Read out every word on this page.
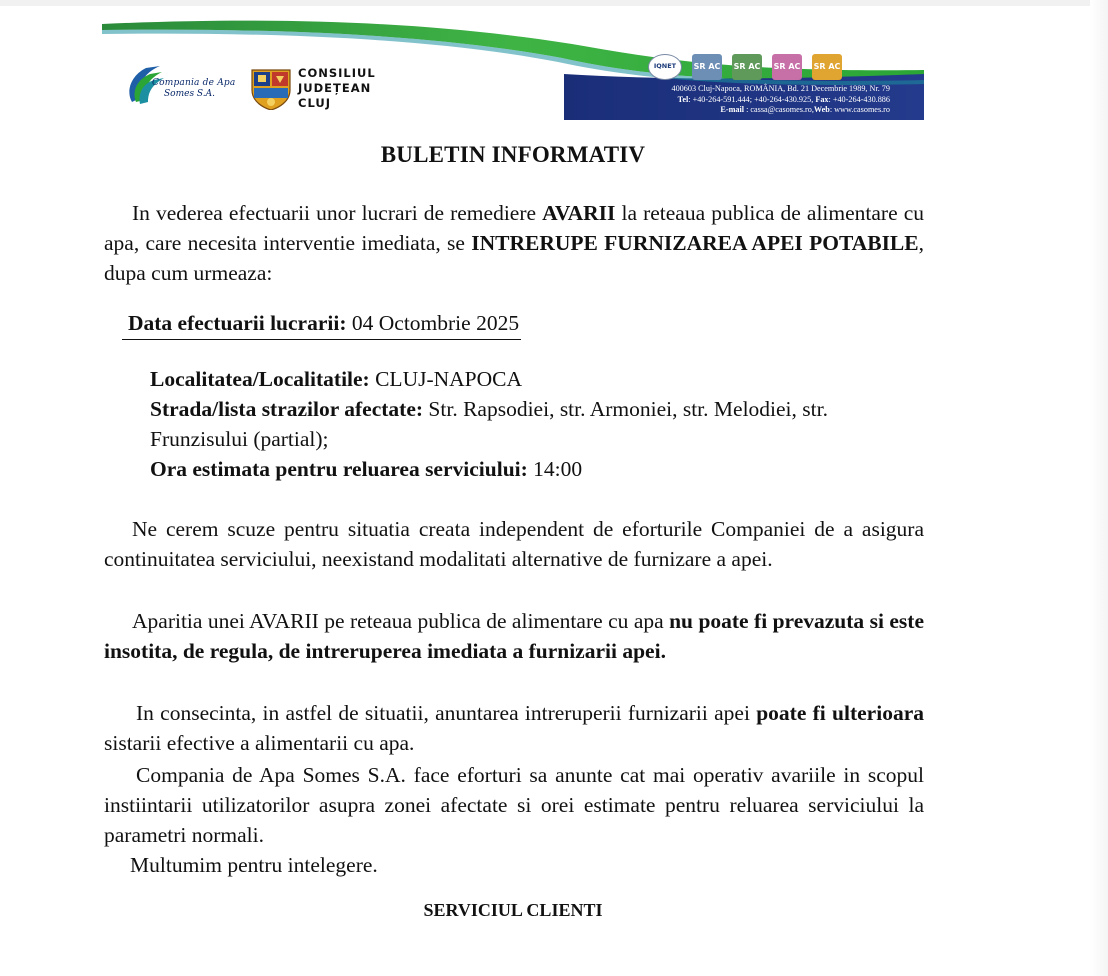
Compania de Apa
Somes S.A.
CONSILIUL
JUDEȚEAN
CLUJ
IQNET	SR AC SR AC SR AC SR AC
400603 Cluj-Napoca, ROMÂNIA, Bd. 21 Decembrie 1989, Nr. 79
Tel: +40-264-591.444; +40-264-430.925, Fax: +40-264-430.886
E-mail : cassa@casomes.ro,Web: www.casomes.ro
BULETIN INFORMATIV
In vederea efectuarii unor lucrari de remediere AVARII la reteaua publica de alimentare cu apa, care necesita interventie imediata, se INTRERUPE FURNIZAREA APEI POTABILE, dupa cum urmeaza:
Data efectuarii lucrarii: 04 Octombrie 2025
Localitatea/Localitatile: CLUJ-NAPOCA
Strada/lista strazilor afectate: Str. Rapsodiei, str. Armoniei, str. Melodiei, str. Frunzisului (partial);
Ora estimata pentru reluarea serviciului: 14:00
Ne cerem scuze pentru situatia creata independent de eforturile Companiei de a asigura continuitatea serviciului, neexistand modalitati alternative de furnizare a apei.
Aparitia unei AVARII pe reteaua publica de alimentare cu apa nu poate fi prevazuta si este insotita, de regula, de intreruperea imediata a furnizarii apei.
In consecinta, in astfel de situatii, anuntarea intreruperii furnizarii apei poate fi ulterioara sistarii efective a alimentarii cu apa.
Compania de Apa Somes S.A. face eforturi sa anunte cat mai operativ avariile in scopul instiintarii utilizatorilor asupra zonei afectate si orei estimate pentru reluarea serviciului la parametri normali.
Multumim pentru intelegere.
SERVICIUL CLIENTI
